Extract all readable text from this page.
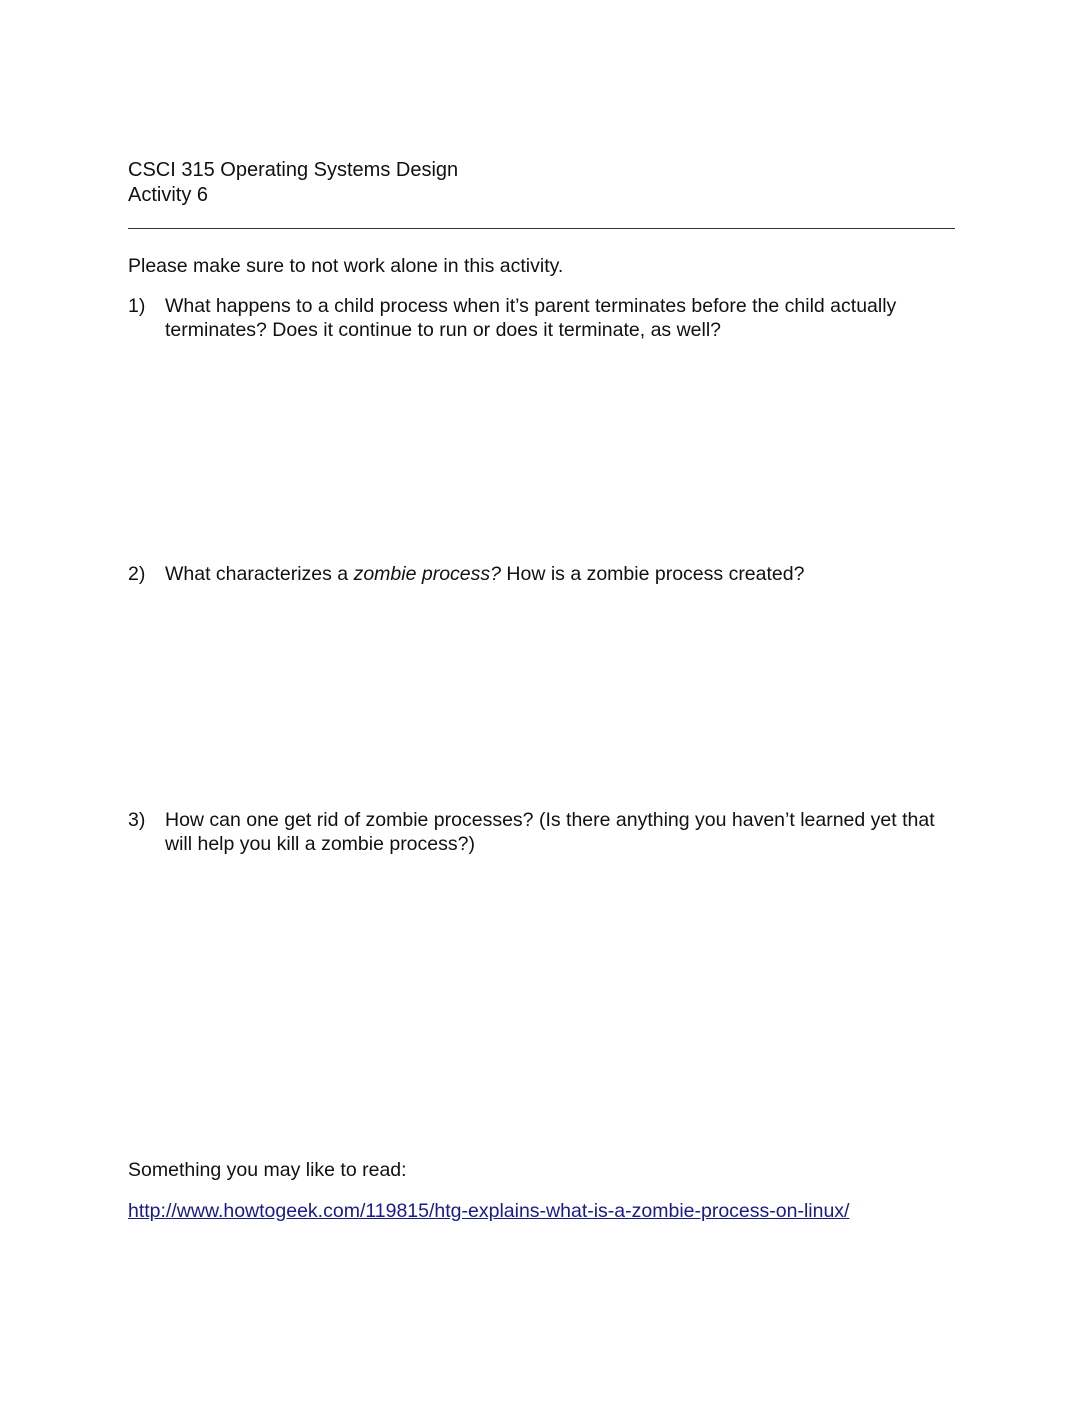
CSCI 315 Operating Systems Design
Activity 6
Please make sure to not work alone in this activity.
1)	What happens to a child process when it’s parent terminates before the child actually terminates? Does it continue to run or does it terminate, as well?
2)	What characterizes a zombie process? How is a zombie process created?
3)	How can one get rid of zombie processes? (Is there anything you haven’t learned yet that will help you kill a zombie process?)
Something you may like to read:
http://www.howtogeek.com/119815/htg-explains-what-is-a-zombie-process-on-linux/
